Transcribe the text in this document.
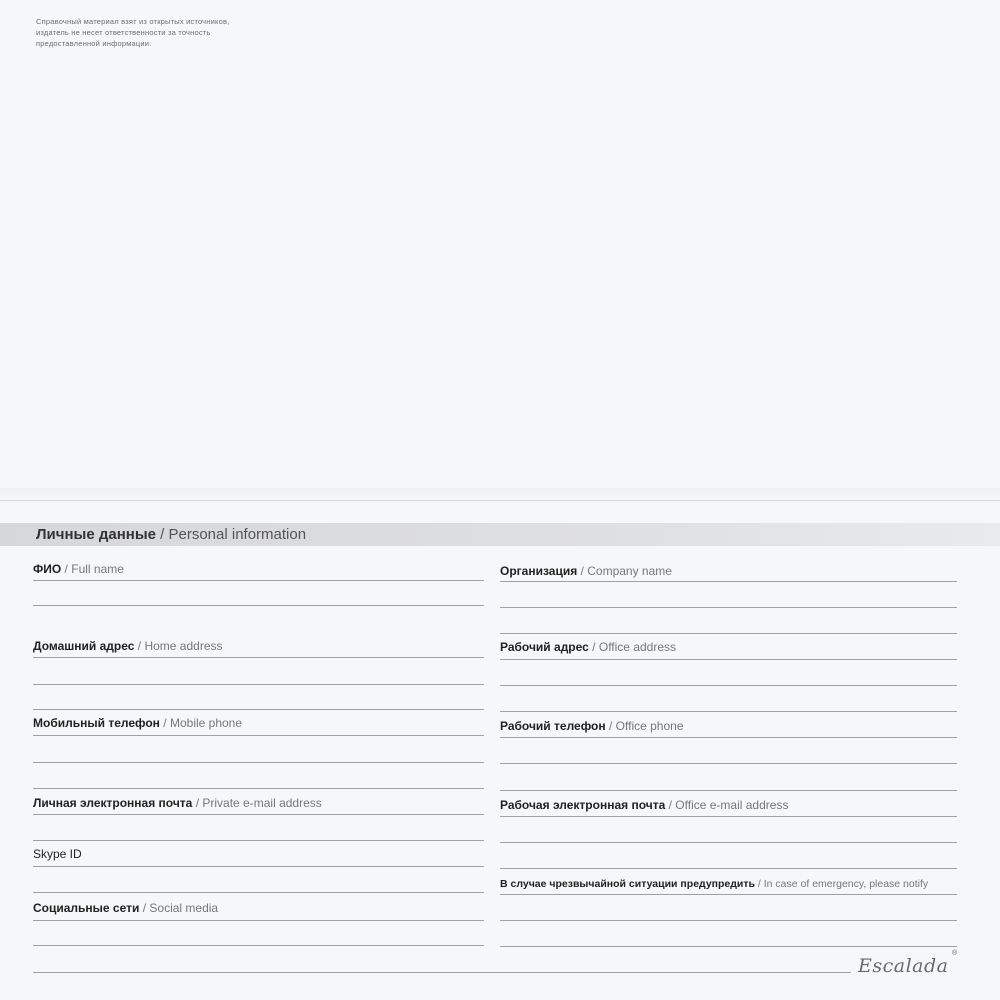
Справочный материал взят из открытых источников,
издатель не несет ответственности за точность
предоставленной информации.
Личные данные / Personal information
ФИО / Full name
Домашний адрес / Home address
Мобильный телефон / Mobile phone
Личная электронная почта / Private e-mail address
Skype ID
Социальные сети / Social media
Организация / Company name
Рабочий адрес / Office address
Рабочий телефон / Office phone
Рабочая электронная почта / Office e-mail address
В случае чрезвычайной ситуации предупредить / In case of emergency, please notify
Escalada
®
